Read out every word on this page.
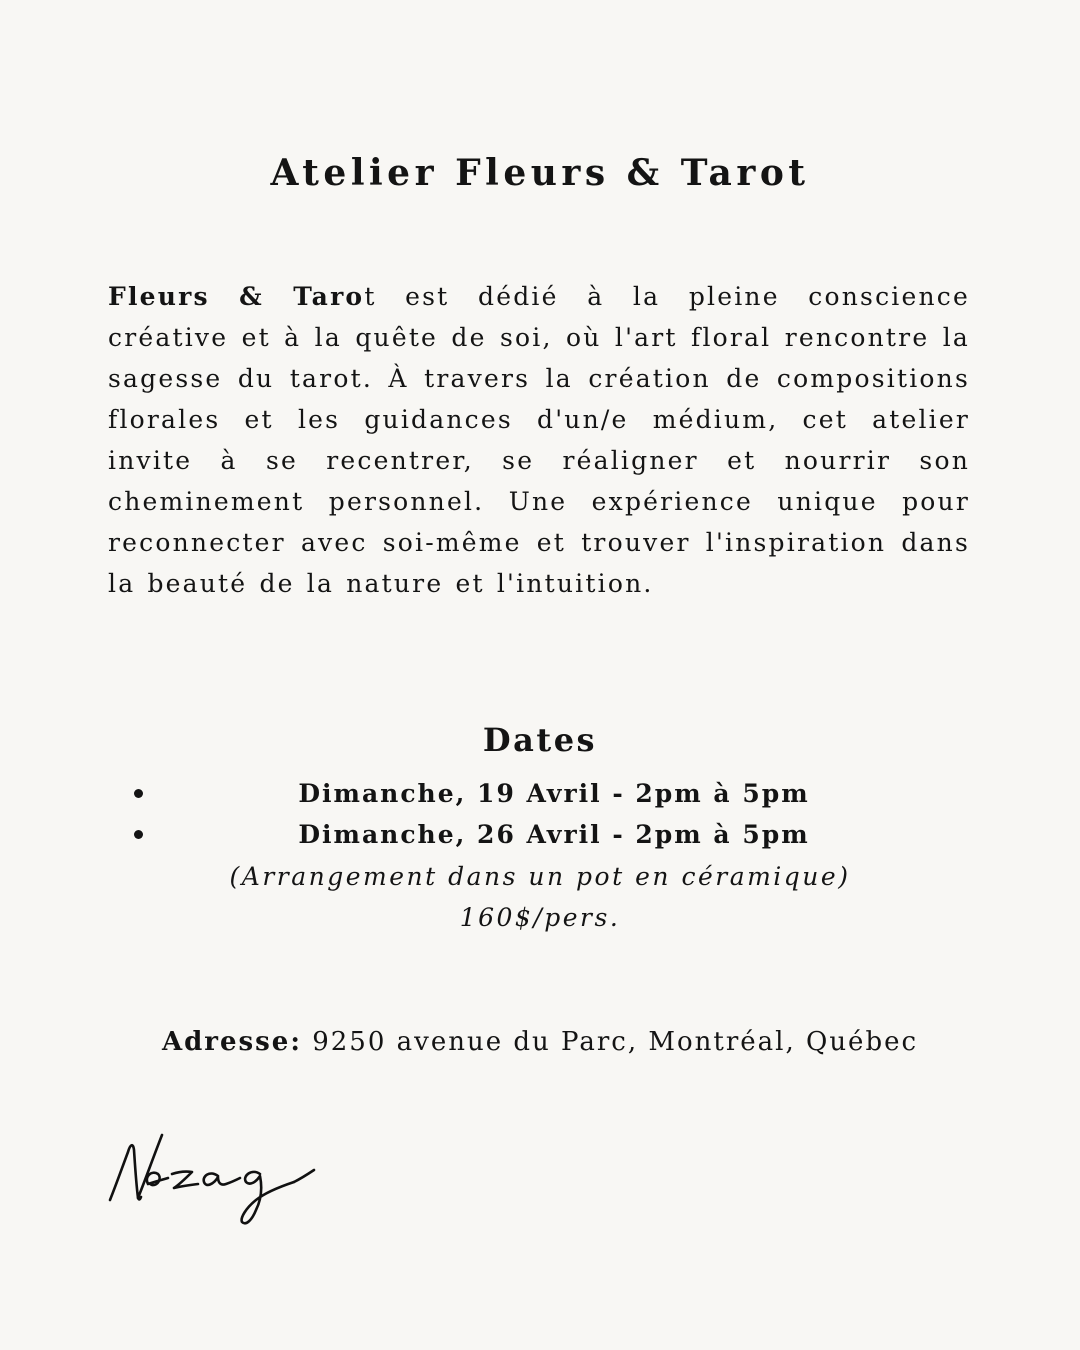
Atelier Fleurs & Tarot

Fleurs & Tarot est dédié à la pleine conscience créative et à la quête de soi, où l'art floral rencontre la sagesse du tarot. À travers la création de compositions florales et les guidances d'un/e médium, cet atelier invite à se recentrer, se réaligner et nourrir son cheminement personnel. Une expérience unique pour reconnecter avec soi-même et trouver l'inspiration dans la beauté de la nature et l'intuition.

Dates
Dimanche, 19 Avril - 2pm à 5pm
Dimanche, 26 Avril - 2pm à 5pm

(Arrangement dans un pot en céramique)

160$/pers.

Adresse: 9250 avenue du Parc, Montréal, Québec
